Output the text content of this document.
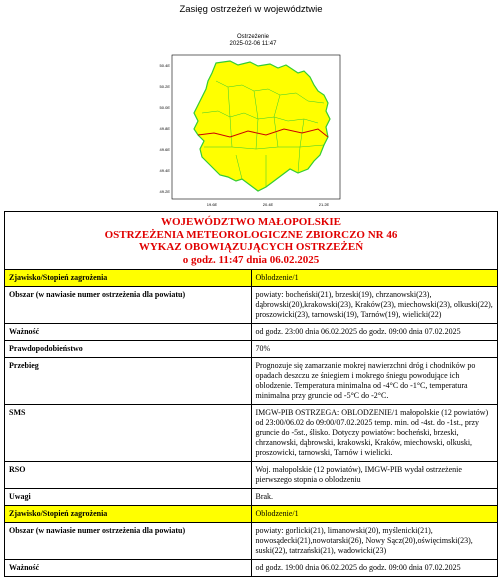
Zasięg ostrzeżeń w województwie
Ostrzeżenie
2025-02-06 11:47
50.4E
50.2E
50.0E
49.8E
49.6E
49.4E
49.2E
19.6E	20.4E	21.2E
WOJEWÓDZTWO MAŁOPOLSKIE
OSTRZEŻENIA METEOROLOGICZNE ZBIORCZO NR 46
WYKAZ OBOWIĄZUJĄCYCH OSTRZEŻEŃ
o godz. 11:47 dnia 06.02.2025	

Zjawisko/Stopień zagrożenia	Oblodzenie/1
Obszar (w nawiasie numer ostrzeżenia dla powiatu)	powiaty: bocheński(21), brzeski(19), chrzanowski(23), dąbrowski(20),krakowski(23), Kraków(23), miechowski(23), olkuski(22), proszowicki(23), tarnowski(19), Tarnów(19), wielicki(22)
Ważność	od godz. 23:00 dnia 06.02.2025 do godz. 09:00 dnia 07.02.2025
Prawdopodobieństwo	70%
Przebieg	Prognozuje się zamarzanie mokrej nawierzchni dróg i chodników po opadach deszczu ze śniegiem i mokrego śniegu powodujące ich oblodzenie. Temperatura minimalna od -4°C do -1°C, temperatura minimalna przy gruncie od -5°C do -2°C.
SMS	IMGW-PIB OSTRZEGA: OBLODZENIE/1 małopolskie (12 powiatów) od 23:00/06.02 do 09:00/07.02.2025 temp. min. od -4st. do -1st., przy gruncie do -5st., ślisko. Dotyczy powiatów: bocheński, brzeski, chrzanowski, dąbrowski, krakowski, Kraków, miechowski, olkuski, proszowicki, tarnowski, Tarnów i wielicki.
RSO	Woj. małopolskie (12 powiatów), IMGW-PIB wydał ostrzeżenie pierwszego stopnia o oblodzeniu
Uwagi	Brak.
Zjawisko/Stopień zagrożenia	Oblodzenie/1
Obszar (w nawiasie numer ostrzeżenia dla powiatu)	powiaty: gorlicki(21), limanowski(20), myślenicki(21), nowosądecki(21),nowotarski(26), Nowy Sącz(20),oświęcimski(23), suski(22), tatrzański(21), wadowicki(23)
Ważność	od godz. 19:00 dnia 06.02.2025 do godz. 09:00 dnia 07.02.2025
